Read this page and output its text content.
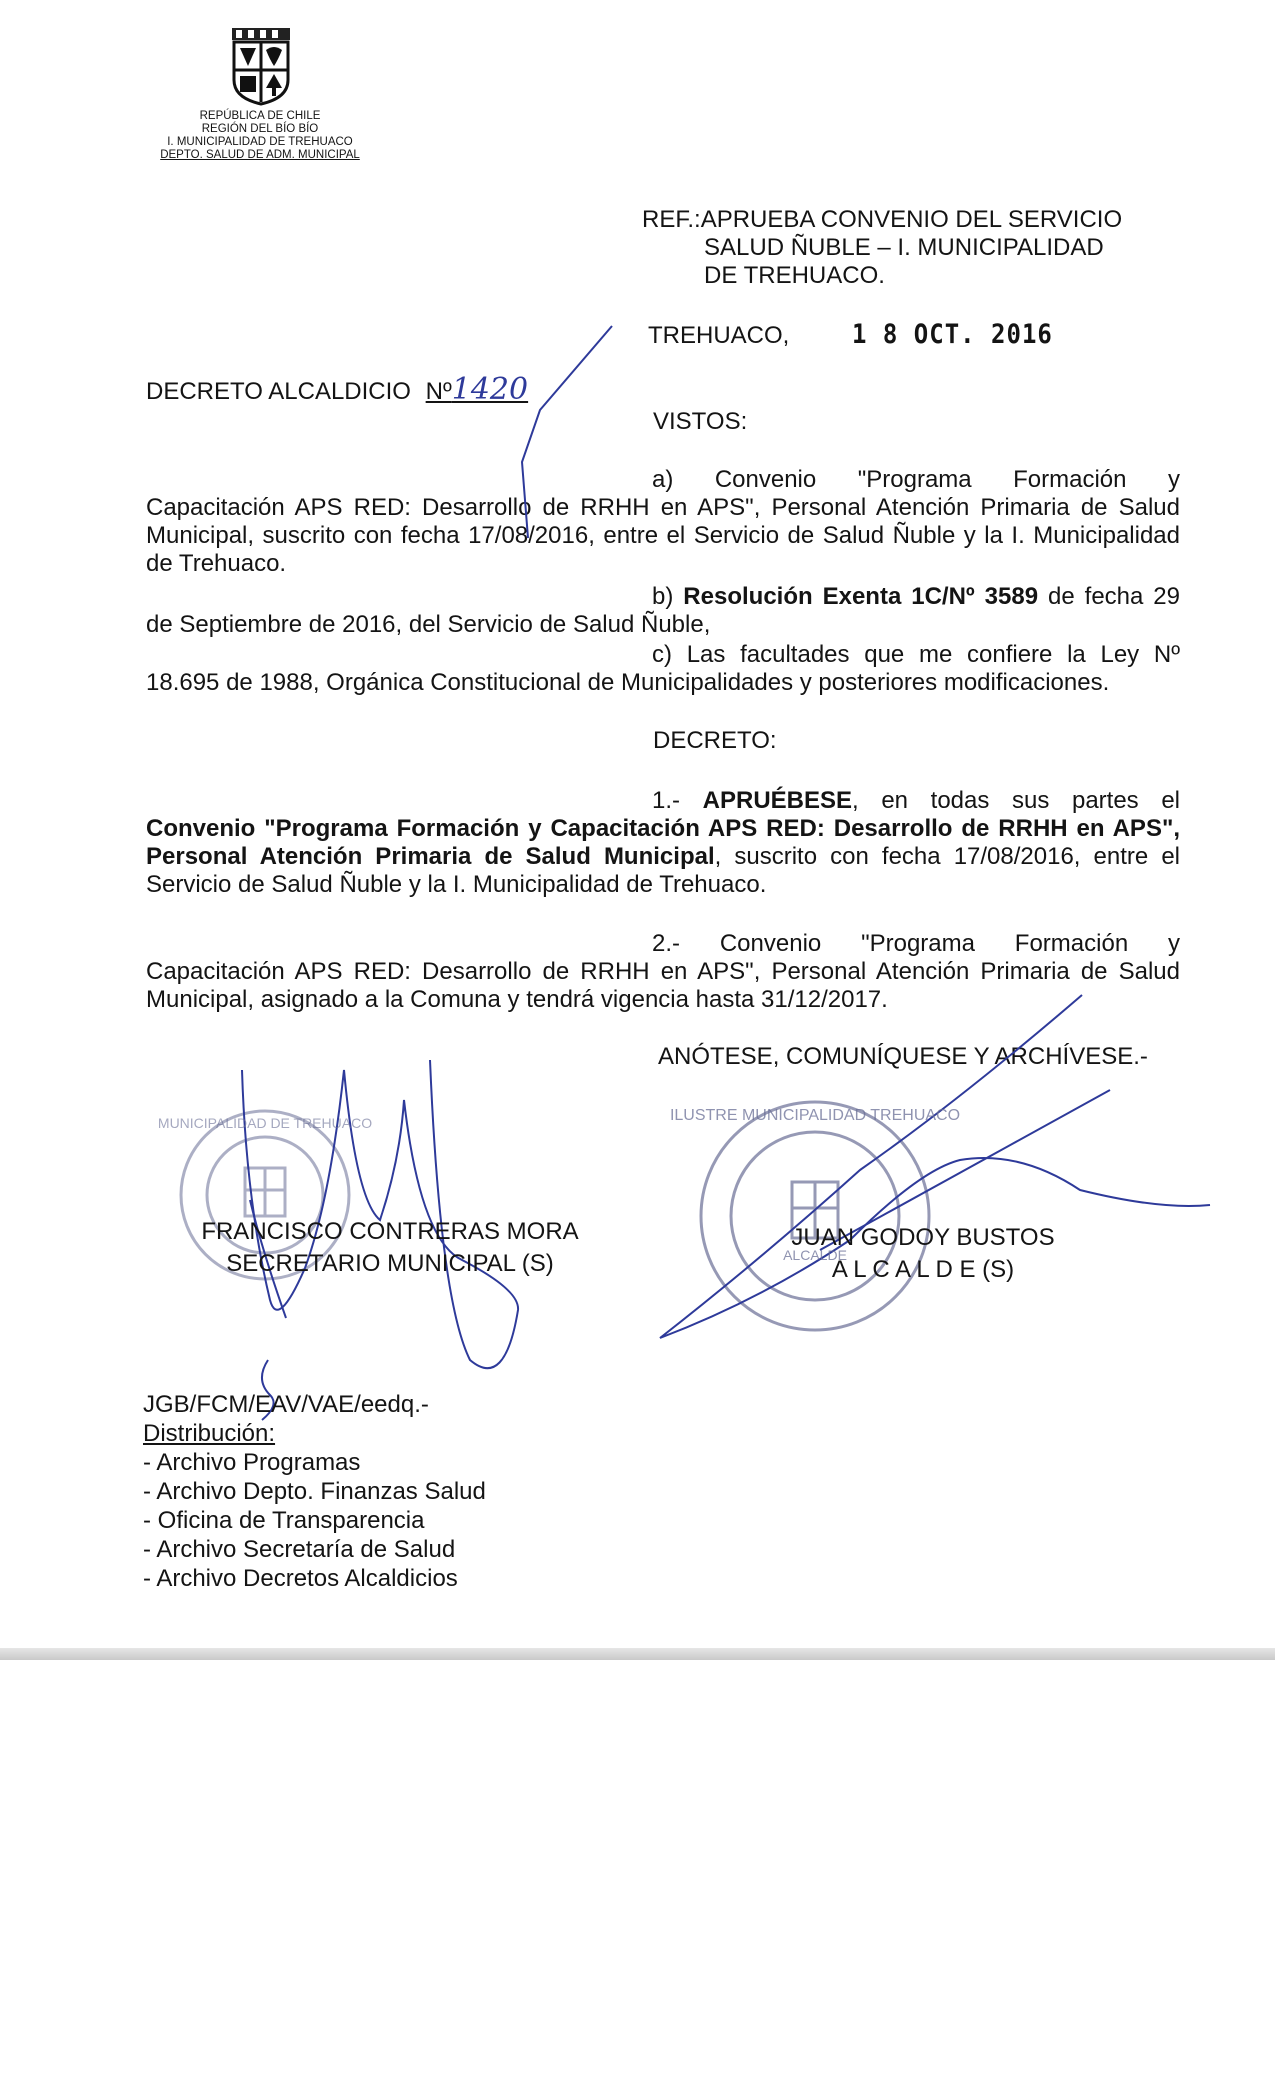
REPÚBLICA DE CHILE
REGIÓN DEL BÍO BÍO
I. MUNICIPALIDAD DE TREHUACO
DEPTO. SALUD DE ADM. MUNICIPAL
REF.:APRUEBA CONVENIO DEL SERVICIO
SALUD ÑUBLE – I. MUNICIPALIDAD
DE TREHUACO.
TREHUACO,	1 8 OCT. 2016
DECRETO ALCALDICIO Nº1420
VISTOS:
a) Convenio "Programa Formación y Capacitación APS RED: Desarrollo de RRHH en APS", Personal Atención Primaria de Salud Municipal, suscrito con fecha 17/08/2016, entre el Servicio de Salud Ñuble y la I. Municipalidad de Trehuaco.
b) Resolución Exenta 1C/Nº 3589 de fecha 29 de Septiembre de 2016, del Servicio de Salud Ñuble,
c) Las facultades que me confiere la Ley Nº 18.695 de 1988, Orgánica Constitucional de Municipalidades y posteriores modificaciones.
DECRETO:
1.- APRUÉBESE, en todas sus partes el Convenio "Programa Formación y Capacitación APS RED: Desarrollo de RRHH en APS", Personal Atención Primaria de Salud Municipal, suscrito con fecha 17/08/2016, entre el Servicio de Salud Ñuble y la I. Municipalidad de Trehuaco.
2.- Convenio "Programa Formación y Capacitación APS RED: Desarrollo de RRHH en APS", Personal Atención Primaria de Salud Municipal, asignado a la Comuna y tendrá vigencia hasta 31/12/2017.
ANÓTESE, COMUNÍQUESE Y ARCHÍVESE.-
MUNICIPALIDAD DE TREHUACO	ILUSTRE MUNICIPALIDAD TREHUACO
ALCALDE
FRANCISCO CONTRERAS MORA
SECRETARIO MUNICIPAL (S)
JUAN GODOY BUSTOS
A L C A L D E (S)
JGB/FCM/EAV/VAE/eedq.-
Distribución:
- Archivo Programas
- Archivo Depto. Finanzas Salud
- Oficina de Transparencia
- Archivo Secretaría de Salud
- Archivo Decretos Alcaldicios
